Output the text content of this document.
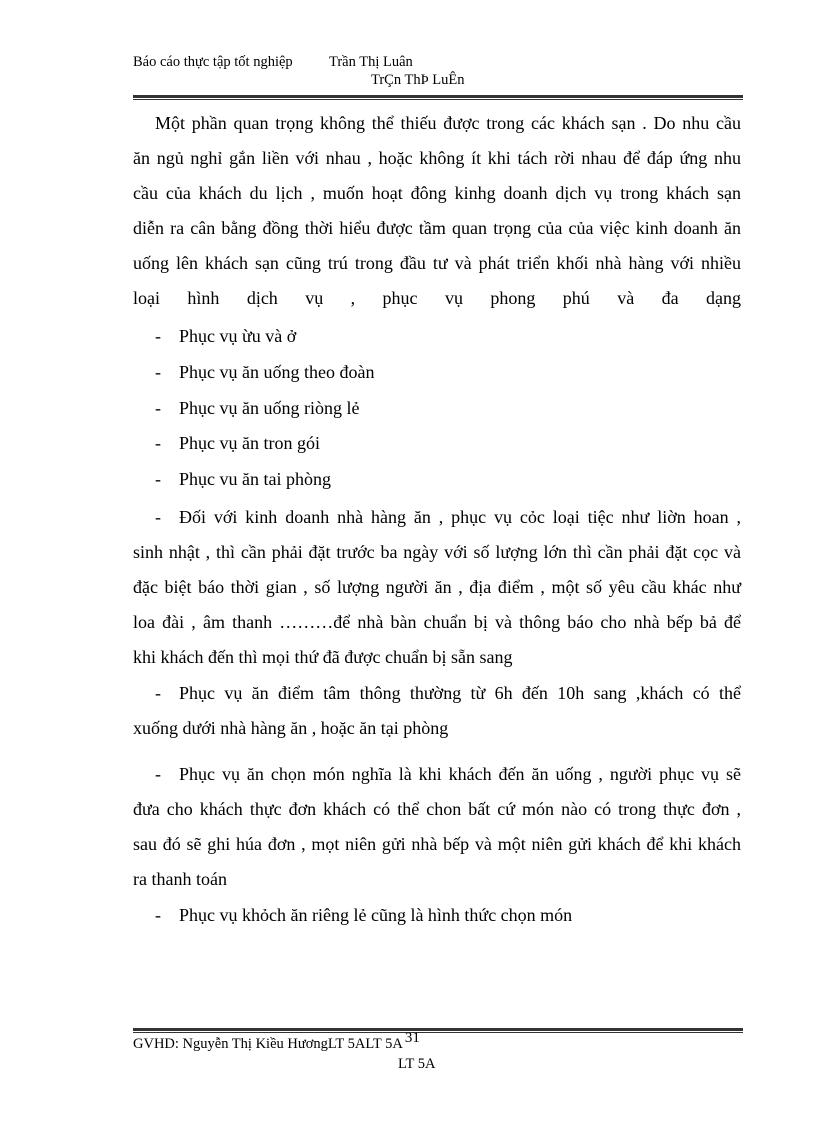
Báo cáo thực tập tốt nghiệp	Trần Thị Luân
TrÇn ThÞ LuÊn
Một phần quan trọng không thể thiếu được trong các khách sạn . Do nhu cầu
ăn ngủ nghỉ gắn liền với nhau , hoặc không ít khi tách rời nhau để đáp ứng nhu
cầu của khách du lịch , muốn hoạt đông kinhg doanh dịch vụ trong khách sạn
diễn ra cân bằng đồng thời hiểu được tầm quan trọng của của việc kinh doanh ăn
uống lên khách sạn cũng trú trong đầu tư và phát triển khối nhà hàng với nhiều
loại hình dịch vụ , phục vụ phong phú và đa dạng
- Phục vụ ừu và ở
- Phục vụ ăn uống theo đoàn
- Phục vụ ăn uống riòng lẻ
- Phục vụ ăn tron gói
- Phục vu ăn tai phòng
- Đối với kinh doanh nhà hàng ăn , phục vụ cỏc loại tiệc như liờn hoan ,
sinh nhật , thì cần phải đặt trước ba ngày với số lượng lớn thì cần phải đặt cọc và
đặc biệt báo thời gian , số lượng người ăn , địa điểm , một số yêu cầu khác như
loa đài , âm thanh ………để nhà bàn chuẩn bị và thông báo cho nhà bếp bả để
khi khách đến thì mọi thứ đã được chuẩn bị sẵn sang
- Phục vụ ăn điểm tâm thông thường từ 6h đến 10h sang ,khách có thể
xuống dưới nhà hàng ăn , hoặc ăn tại phòng
- Phục vụ ăn chọn món nghĩa là khi khách đến ăn uống , người phục vụ sẽ
đưa cho khách thực đơn khách có thể chon bất cứ món nào có trong thực đơn ,
sau đó sẽ ghi húa đơn , mọt niên gửi nhà bếp và một niên gửi khách để khi khách
ra thanh toán
- Phục vụ khỏch ăn riêng lẻ cũng là hình thức chọn món
GVHD: Nguyễn Thị Kiều HươngLT 5ALT 5A 31
LT 5A
